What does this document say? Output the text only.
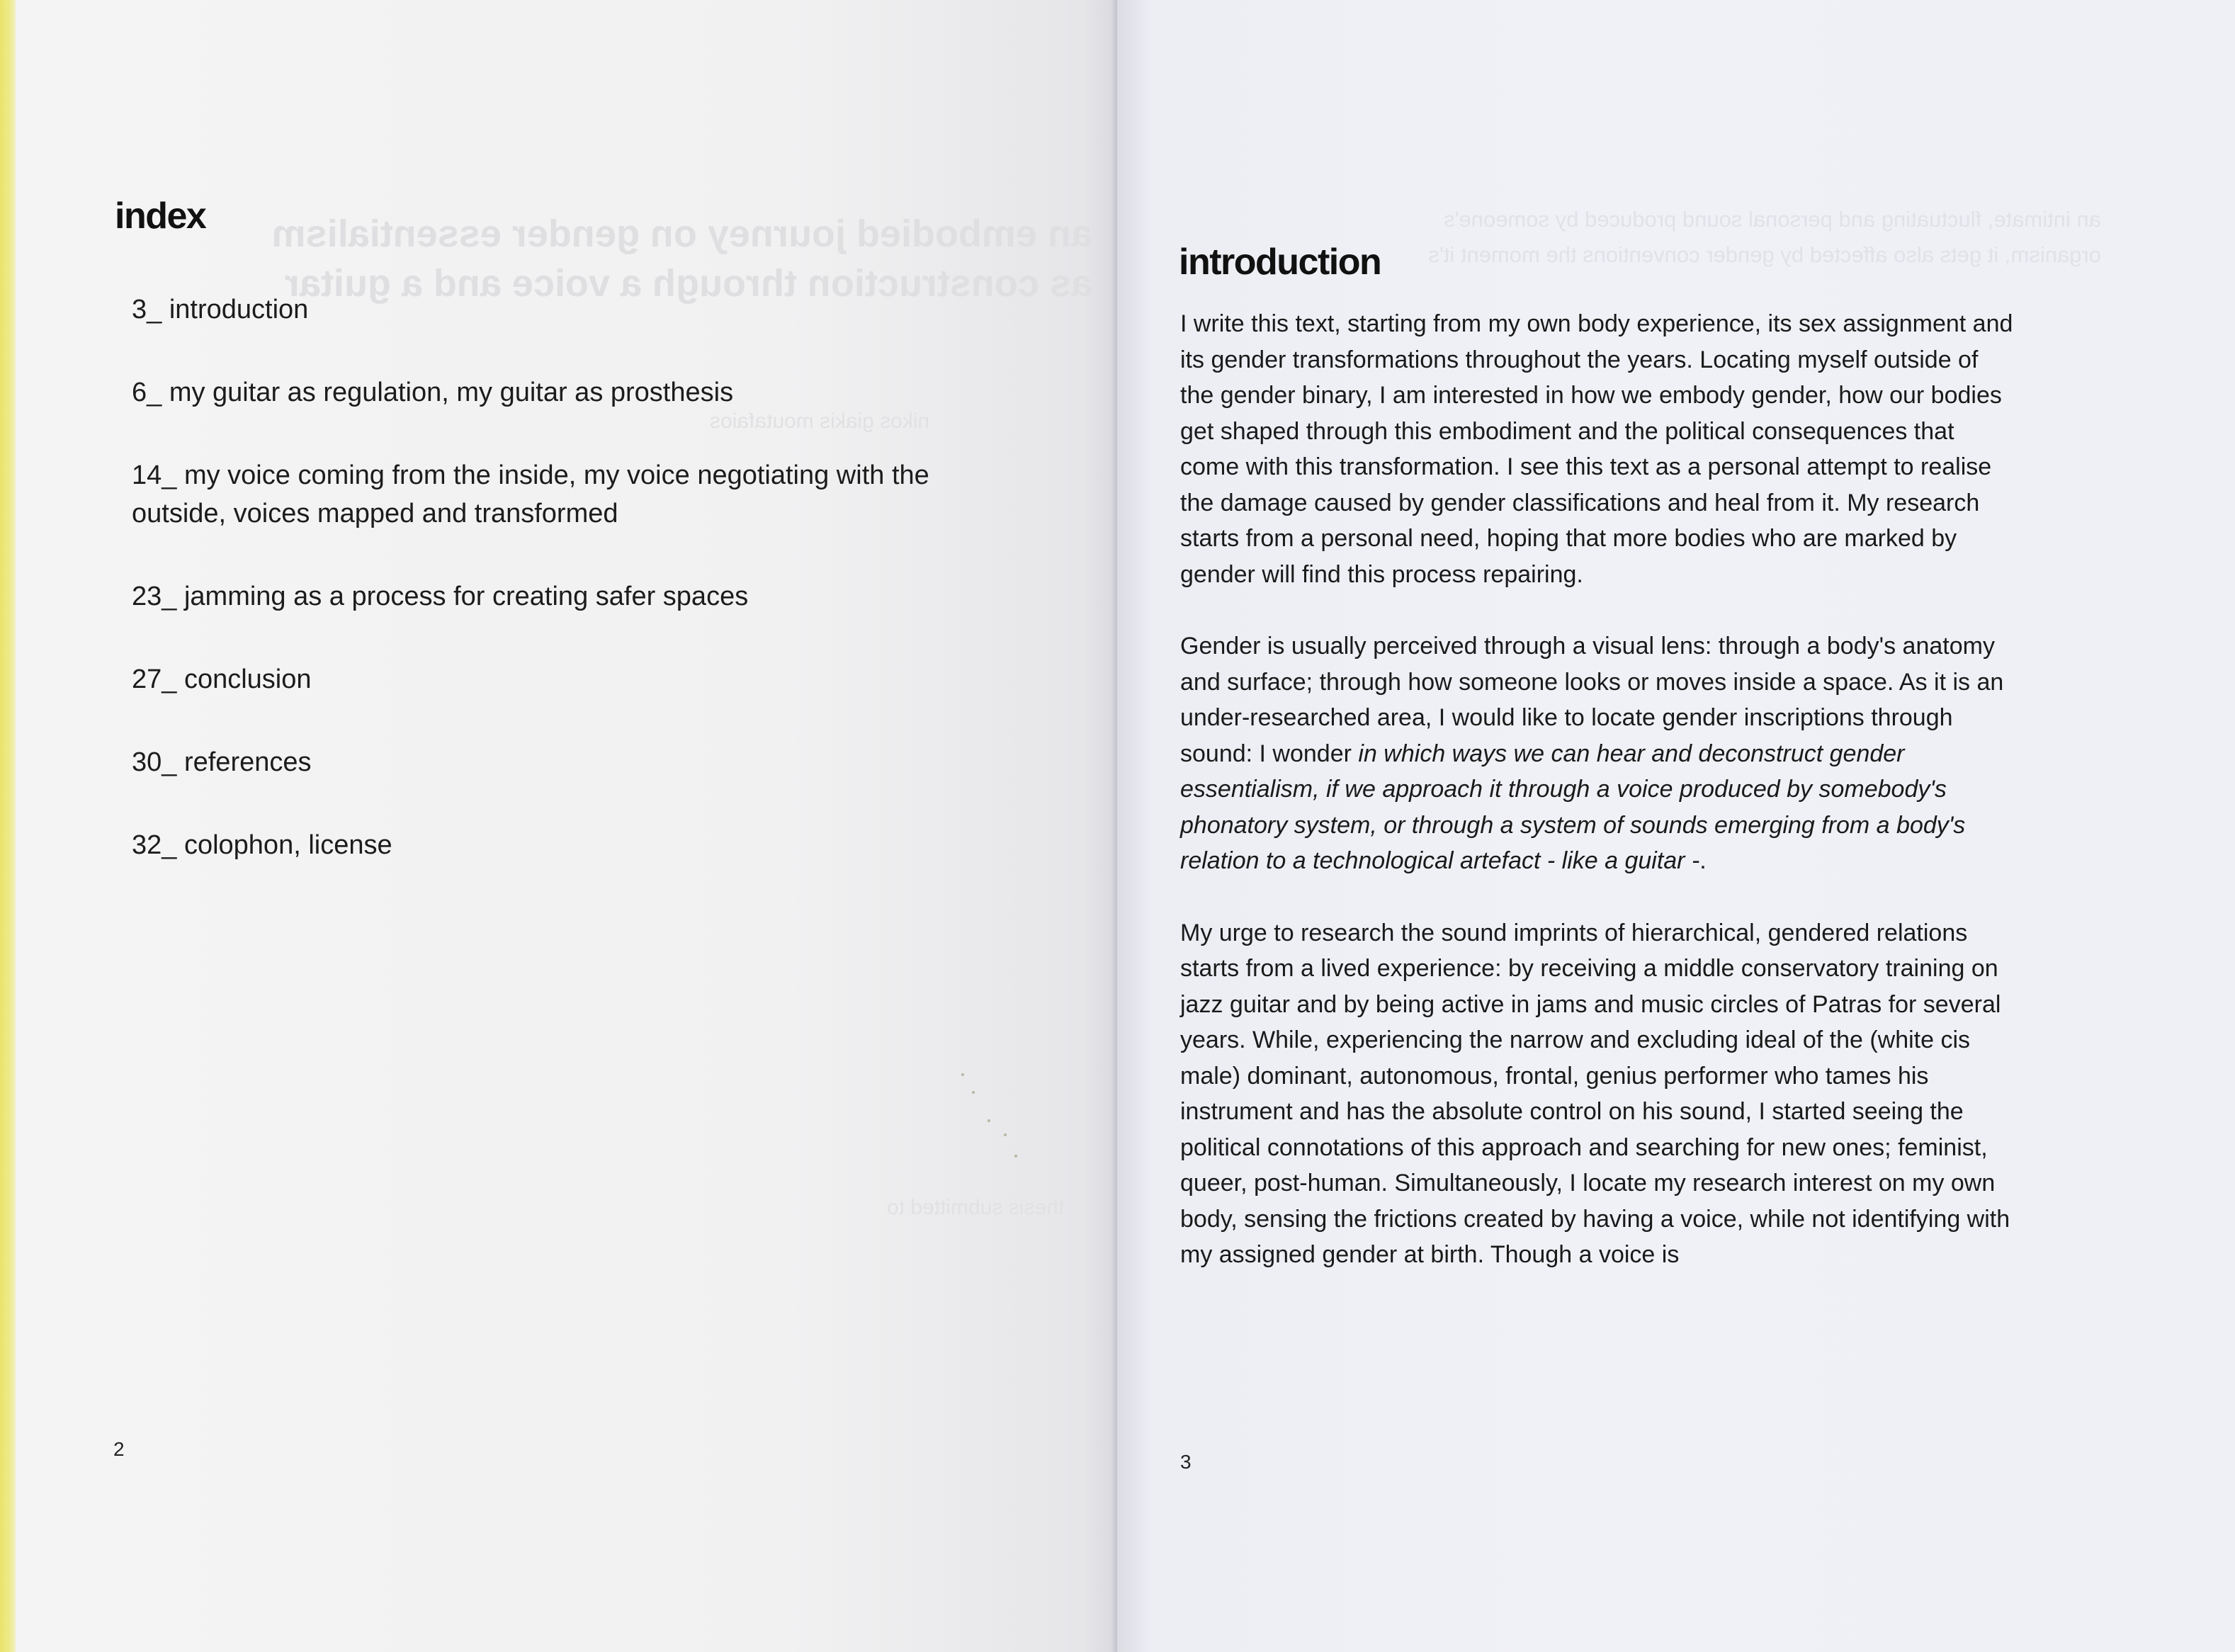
an embodied journey on gender essentialism
as construction through a voice and a guitar
nikos giakis moutafaios
thesis submitted to
index
3_ introduction
6_ my guitar as regulation, my guitar as prosthesis
14_ my voice coming from the inside, my voice negotiating with the outside, voices mapped and transformed
23_ jamming as a process for creating safer spaces
27_ conclusion
30_ references
32_ colophon, license
2
an intimate, fluctuating and personal sound produced by someone's
organism, it gets also affected by gender conventions the moment it's
introduction

I write this text, starting from my own body experience, its sex assignment and its gender transformations throughout the years. Locating myself outside of the gender binary, I am interested in how we embody gender, how our bodies get shaped through this embodiment and the political consequences that come with this transformation. I see this text as a personal attempt to realise the damage caused by gender classifications and heal from it. My research starts from a personal need, hoping that more bodies who are marked by gender will find this process repairing.

Gender is usually perceived through a visual lens: through a body's anatomy and surface; through how someone looks or moves inside a space. As it is an under-researched area, I would like to locate gender inscriptions through sound: I wonder in which ways we can hear and deconstruct gender essentialism, if we approach it through a voice produced by somebody's phonatory system, or through a system of sounds emerging from a body's relation to a technological artefact - like a guitar -.

My urge to research the sound imprints of hierarchical, gendered relations starts from a lived experience: by receiving a middle conservatory training on jazz guitar and by being active in jams and music circles of Patras for several years. While, experiencing the narrow and excluding ideal of the (white cis male) dominant, autonomous, frontal, genius performer who tames his instrument and has the absolute control on his sound, I started seeing the political connotations of this approach and searching for new ones; feminist, queer, post-human. Simultaneously, I locate my research interest on my own body, sensing the frictions created by having a voice, while not identifying with my assigned gender at birth. Though a voice is

3
